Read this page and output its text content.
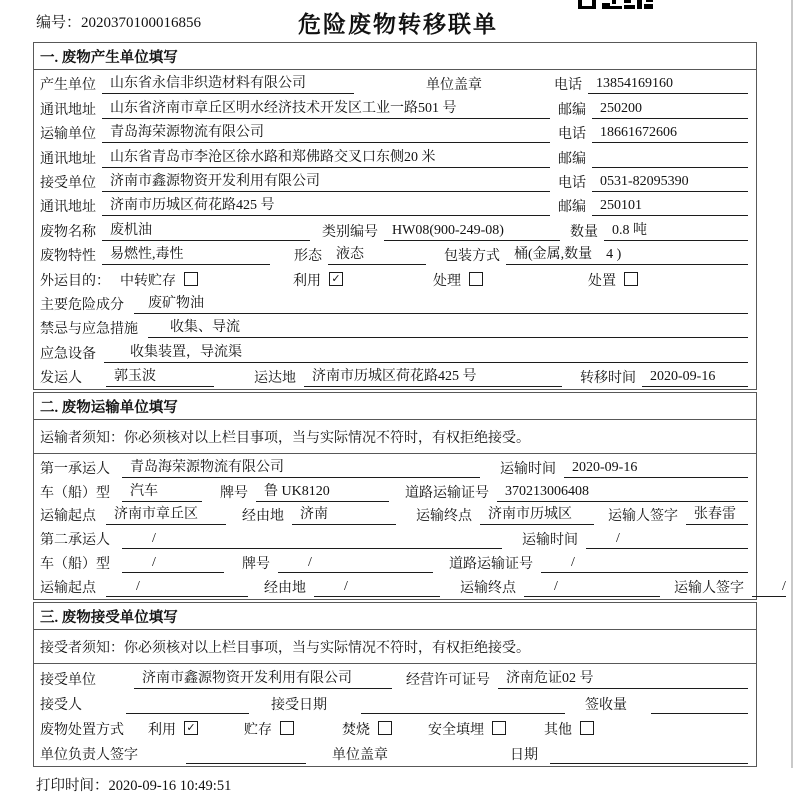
编号：2020370100016856	危险废物转移联单
一. 废物产生单位填写
产生单位	山东省永信非织造材料有限公司	单位盖章	电话	13854169160
通讯地址	山东省济南市章丘区明水经济技术开发区工业一路501 号	邮编	250200
运输单位	青岛海荣源物流有限公司	电话	18661672606
通讯地址	山东省青岛市李沧区徐水路和郑佛路交叉口东侧20 米	邮编
接受单位	济南市鑫源物资开发利用有限公司	电话	0531-82095390
通讯地址	济南市历城区荷花路425 号	邮编	250101
废物名称	废机油	类别编号	HW08(900-249-08)	数量	0.8 吨
废物特性	易燃性,毒性	形态	液态	包装方式	桶(金属,数量　4 )
外运目的： 中转贮存	利用 ✓	处理	处置
主要危险成分	废矿物油
禁忌与应急措施	收集、导流
应急设备	收集装置，导流渠
发运人	郭玉波	运达地	济南市历城区荷花路425 号	转移时间	2020-09-16
二. 废物运输单位填写
运输者须知：你必须核对以上栏目事项，当与实际情况不符时，有权拒绝接受。
第一承运人	青岛海荣源物流有限公司	运输时间	2020-09-16
车（船）型	汽车	牌号	鲁 UK8120	道路运输证号	370213006408
运输起点	济南市章丘区	经由地	济南	运输终点	济南市历城区	运输人签字	张春雷
第二承运人	/	运输时间	/
车（船）型	/	牌号	/	道路运输证号	/
运输起点	/	经由地	/	运输终点	/	运输人签字	/
三. 废物接受单位填写
接受者须知：你必须核对以上栏目事项，当与实际情况不符时，有权拒绝接受。
接受单位	济南市鑫源物资开发利用有限公司	经营许可证号	济南危证02 号
接受人	接受日期	签收量
废物处置方式 利用 ✓	贮存	焚烧	安全填埋	其他
单位负责人签字	单位盖章	日期
打印时间：2020-09-16 10:49:51
